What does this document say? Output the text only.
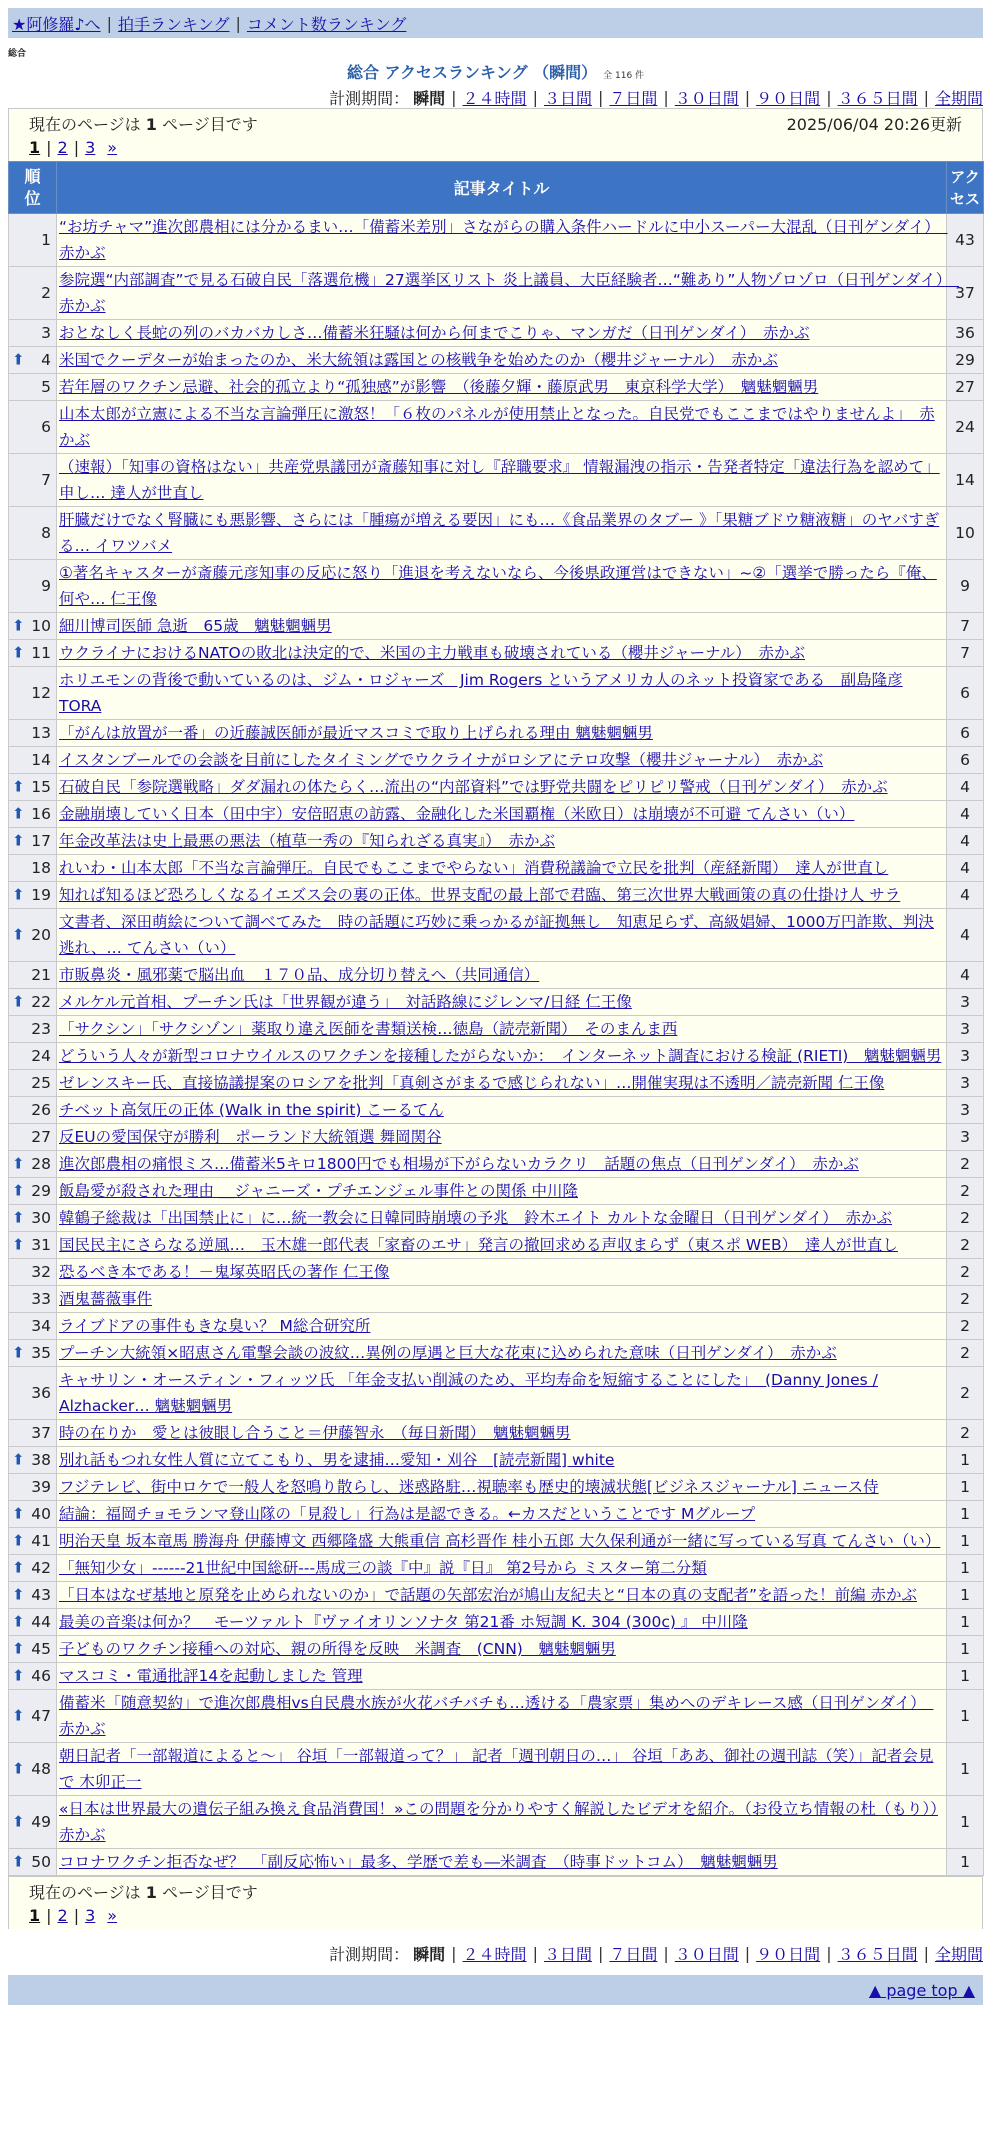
★阿修羅♪へ | 拍手ランキング | コメント数ランキング
総合
総合 アクセスランキング （瞬間） 全 116 件
計測期間： 瞬間 | ２４時間 | ３日間 | ７日間 | ３０日間 | ９０日間 | ３６５日間 | 全期間
現在のページは 1 ページ目です	2025/06/04 20:26更新
1 | 2 | 3 »
順位	記事タイトル	アクセス

1	“お坊チャマ”進次郎農相には分かるまい…「備蓄米差別」さながらの購入条件ハードルに中小スーパー大混乱（日刊ゲンダイ）　赤かぶ	43
2	参院選“内部調査”で見る石破自民「落選危機」27選挙区リスト 炎上議員、大臣経験者…“難あり”人物ゾロゾロ（日刊ゲンダイ）　赤かぶ	37
3	おとなしく長蛇の列のバカバカしさ…備蓄米狂騒は何から何までこりゃ、マンガだ（日刊ゲンダイ）　赤かぶ	36

⬆ 4	米国でクーデターが始まったのか、米大統領は露国との核戦争を始めたのか（櫻井ジャーナル）　赤かぶ	29
5	若年層のワクチン忌避、社会的孤立より“孤独感”が影響　（後藤夕輝・藤原武男　東京科学大学）　魑魅魍魎男	27
6	山本太郎が立憲による不当な言論弾圧に激怒！「６枚のパネルが使用禁止となった。自民党でもここまではやりませんよ」　赤かぶ	24
7	（速報）「知事の資格はない」共産党県議団が斎藤知事に対し『辞職要求』 情報漏洩の指示・告発者特定「違法行為を認めて」申し… 達人が世直し	14
8	肝臓だけでなく腎臓にも悪影響、さらには「腫瘍が増える要因」にも…《食品業界のタブー 》「果糖ブドウ糖液糖」のヤバすぎる… イワツバメ	10
9	①著名キャスターが斎藤元彦知事の反応に怒り「進退を考えないなら、今後県政運営はできない」~②「選挙で勝ったら『俺、何や… 仁王像	9

⬆ 10	細川博司医師 急逝　65歳　魑魅魍魎男	7

⬆ 11	ウクライナにおけるNATOの敗北は決定的で、米国の主力戦車も破壊されている（櫻井ジャーナル）　赤かぶ	7
12	ホリエモンの背後で動いているのは、ジム・ロジャーズ　Jim Rogers というアメリカ人のネット投資家である　副島隆彦 TORA	6
13	「がんは放置が一番」の近藤誠医師が最近マスコミで取り上げられる理由 魑魅魍魎男	6
14	イスタンブールでの会談を目前にしたタイミングでウクライナがロシアにテロ攻撃（櫻井ジャーナル）　赤かぶ	6

⬆ 15	石破自民「参院選戦略」ダダ漏れの体たらく…流出の“内部資料”では野党共闘をピリピリ警戒（日刊ゲンダイ）　赤かぶ	4

⬆ 16	金融崩壊していく日本（田中宇）安倍昭恵の訪露、金融化した米国覇権（米欧日）は崩壊が不可避 てんさい（い）	4

⬆ 17	年金改革法は史上最悪の悪法（植草一秀の『知られざる真実』）　赤かぶ	4
18	れいわ・山本太郎「不当な言論弾圧。自民でもここまでやらない」消費税議論で立民を批判（産経新聞）　達人が世直し	4

⬆ 19	知れば知るほど恐ろしくなるイエズス会の裏の正体。世界支配の最上部で君臨、第三次世界大戦画策の真の仕掛け人 サラ	4

⬆ 20	文書者、深田萌絵について調べてみた　時の話題に巧妙に乗っかるが証拠無し　知恵足らず、高級娼婦、1000万円詐欺、判決逃れ、… てんさい（い）	4
21	市販鼻炎・風邪薬で脳出血　１７０品、成分切り替えへ（共同通信）	4

⬆ 22	メルケル元首相、プーチン氏は「世界観が違う」　対話路線にジレンマ/日経 仁王像	3
23	「サクシン」「サクシゾン」薬取り違え医師を書類送検…徳島（読売新聞）　そのまんま西	3
24	どういう人々が新型コロナウイルスのワクチンを接種したがらないか：　インターネット調査における検証 (RIETI)　魑魅魍魎男	3
25	ゼレンスキー氏、直接協議提案のロシアを批判「真剣さがまるで感じられない」…開催実現は不透明／読売新聞 仁王像	3
26	チベット高気圧の正体 (Walk in the spirit) こーるてん	3
27	反EUの愛国保守が勝利　ポーランド大統領選 舞岡関谷	3

⬆ 28	進次郎農相の痛恨ミス…備蓄米5キロ1800円でも相場が下がらないカラクリ　話題の焦点（日刊ゲンダイ）　赤かぶ	2

⬆ 29	飯島愛が殺された理由 ＿ジャニーズ・プチエンジェル事件との関係 中川隆	2

⬆ 30	韓鶴子総裁は「出国禁止に」に…統一教会に日韓同時崩壊の予兆　鈴木エイト カルトな金曜日（日刊ゲンダイ）　赤かぶ	2

⬆ 31	国民民主にさらなる逆風…　玉木雄一郎代表「家畜のエサ」発言の撤回求める声収まらず（東スポ WEB）　達人が世直し	2
32	恐るべき本である！－鬼塚英昭氏の著作 仁王像	2
33	酒鬼薔薇事件	2
34	ライブドアの事件もきな臭い？ M総合研究所	2

⬆ 35	プーチン大統領×昭恵さん電撃会談の波紋…異例の厚遇と巨大な花束に込められた意味（日刊ゲンダイ）　赤かぶ	2
36	キャサリン・オースティン・フィッツ氏 「年金支払い削減のため、平均寿命を短縮することにした」　(Danny Jones / Alzhacker… 魑魅魍魎男	2
37	時の在りか　愛とは彼眼し合うこと＝伊藤智永　（毎日新聞）　魑魅魍魎男	2

⬆ 38	別れ話もつれ女性人質に立てこもり、男を逮捕…愛知・刈谷　[読売新聞] white	1
39	フジテレビ、街中ロケで一般人を怒鳴り散らし、迷惑路駐…視聴率も歴史的壊滅状態[ビジネスジャーナル] ニュース侍	1

⬆ 40	結論：福岡チョモランマ登山隊の「見殺し」行為は是認できる。←カスだということです Mグループ	1

⬆ 41	明治天皇 坂本竜馬 勝海舟 伊藤博文 西郷隆盛 大熊重信 高杉晋作 桂小五郎 大久保利通が一緒に写っている写真 てんさい（い）	1

⬆ 42	「無知少女」------21世紀中国総研---馬成三の談『中』説『日』 第2号から ミスター第二分類	1

⬆ 43	「日本はなぜ基地と原発を止められないのか」で話題の矢部宏治が鳩山友紀夫と“日本の真の支配者”を語った！前編 赤かぶ	1

⬆ 44	最美の音楽は何か？　モーツァルト『ヴァイオリンソナタ 第21番 ホ短調 K. 304 (300c) 』 中川隆	1

⬆ 45	子どものワクチン接種への対応、親の所得を反映　米調査　(CNN)　魑魅魍魎男	1

⬆ 46	マスコミ・電通批評14を起動しました 管理	1

⬆ 47	備蓄米「随意契約」で進次郎農相vs自民農水族が火花バチバチも…透ける「農家票」集めへのデキレース感（日刊ゲンダイ）　赤かぶ	1

⬆ 48	朝日記者「一部報道によると～」 谷垣「一部報道って？」 記者「週刊朝日の…」 谷垣「ああ、御社の週刊誌（笑）」記者会見で 木卯正一	1

⬆ 49	«日本は世界最大の遺伝子組み換え食品消費国！»この問題を分かりやすく解説したビデオを紹介。（お役立ち情報の杜（もり））赤かぶ	1

⬆ 50	コロナワクチン拒否なぜ？　「副反応怖い」最多、学歴で差も―米調査　（時事ドットコム）　魑魅魍魎男	1
現在のページは 1 ページ目です
1 | 2 | 3 »
計測期間： 瞬間 | ２４時間 | ３日間 | ７日間 | ３０日間 | ９０日間 | ３６５日間 | 全期間
▲ page top ▲
